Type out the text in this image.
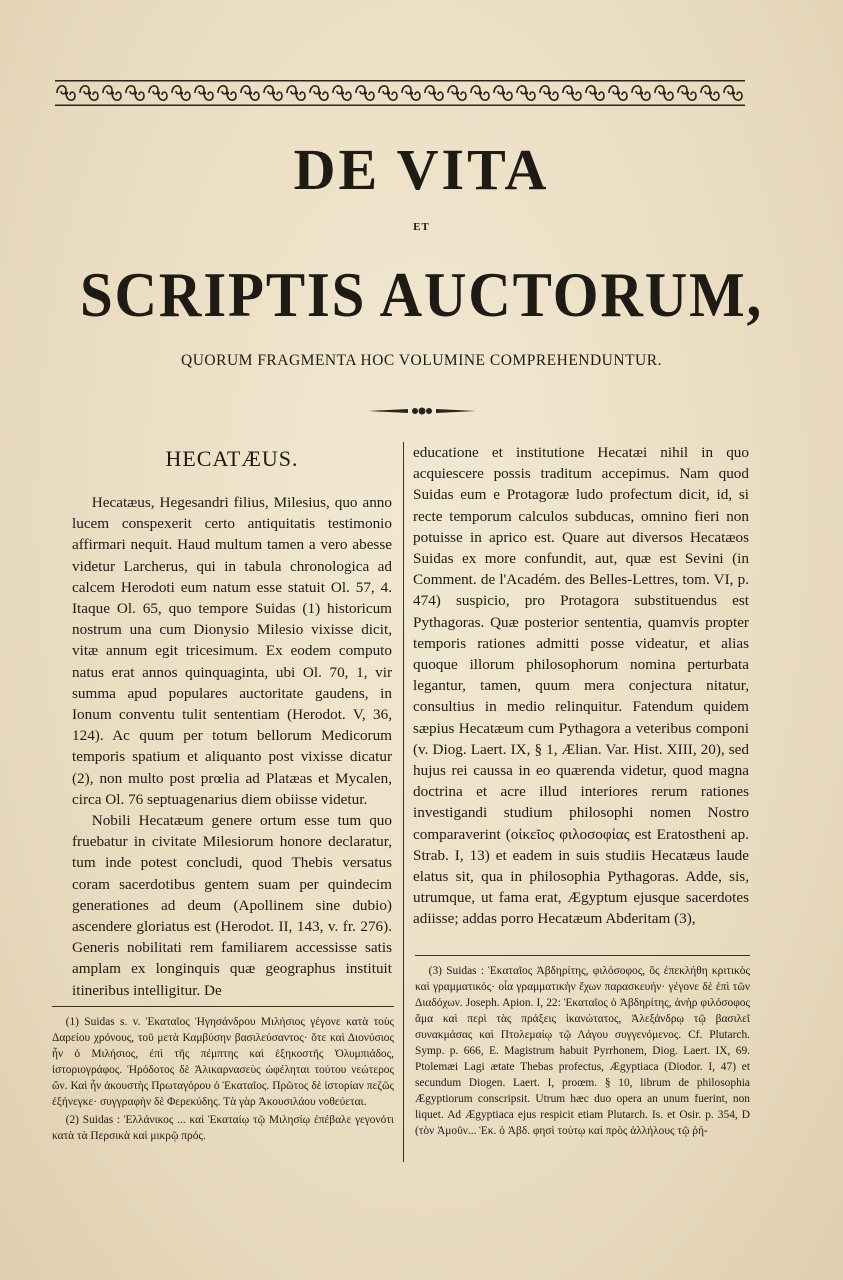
DE VITA
ET
SCRIPTIS AUCTORUM,
QUORUM FRAGMENTA HOC VOLUMINE COMPREHENDUNTUR.
HECATÆUS.

Hecatæus, Hegesandri filius, Milesius, quo anno lucem conspexerit certo antiquitatis testimonio affirmari nequit. Haud multum tamen a vero abesse videtur Larcherus, qui in tabula chronologica ad calcem Herodoti eum natum esse statuit Ol. 57, 4. Itaque Ol. 65, quo tempore Suidas (1) historicum nostrum una cum Dionysio Milesio vixisse dicit, vitæ annum egit tricesimum. Ex eodem computo natus erat annos quinquaginta, ubi Ol. 70, 1, vir summa apud populares auctoritate gaudens, in Ionum conventu tulit sententiam (Herodot. V, 36, 124). Ac quum per totum bellorum Medicorum temporis spatium et aliquanto post vixisse dicatur (2), non multo post prœlia ad Platæas et Mycalen, circa Ol. 76 septuagenarius diem obiisse videtur.

Nobili Hecatæum genere ortum esse tum quo fruebatur in civitate Milesiorum honore declaratur, tum inde potest concludi, quod Thebis versatus coram sacerdotibus gentem suam per quindecim generationes ad deum (Apollinem sine dubio) ascendere gloriatus est (Herodot. II, 143, v. fr. 276). Generis nobilitati rem familiarem accessisse satis amplam ex longinquis quæ geographus instituit itineribus intelligitur. De

educatione et institutione Hecatæi nihil in quo acquiescere possis traditum accepimus. Nam quod Suidas eum e Protagoræ ludo profectum dicit, id, si recte temporum calculos subducas, omnino fieri non potuisse in aprico est. Quare aut diversos Hecatæos Suidas ex more confundit, aut, quæ est Sevini (in Comment. de l'Académ. des Belles-Lettres, tom. VI, p. 474) suspicio, pro Protagora substituendus est Pythagoras. Quæ posterior sententia, quamvis propter temporis rationes admitti posse videatur, et alias quoque illorum philosophorum nomina perturbata legantur, tamen, quum mera conjectura nitatur, consultius in medio relinquitur. Fatendum quidem sæpius Hecatæum cum Pythagora a veteribus componi (v. Diog. Laert. IX, § 1, Ælian. Var. Hist. XIII, 20), sed hujus rei caussa in eo quærenda videtur, quod magna doctrina et acre illud interiores rerum rationes investigandi studium philosophi nomen Nostro comparaverint (οἰκεῖος φιλοσοφίας est Eratostheni ap. Strab. I, 13) et eadem in suis studiis Hecatæus laude elatus sit, qua in philosophia Pythagoras. Adde, sis, utrumque, ut fama erat, Ægyptum ejusque sacerdotes adiisse; addas porro Hecatæum Abderitam (3),

(1) Suidas s. v. Ἑκαταῖος Ἡγησάνδρου Μιλήσιος γέγονε κατὰ τοὺς Δαρείου χρόνους, τοῦ μετὰ Καμβύσην βασιλεύσαντος· ὅτε καὶ Διονύσιος ἦν ὁ Μιλήσιος, ἐπὶ τῆς πέμπτης καὶ ἑξηκοστῆς Ὀλυμπιάδος, ἱστοριογράφος. Ἡρόδοτος δὲ Ἁλικαρνασεὺς ὠφέληται τούτου νεώτερος ὤν. Καὶ ἦν ἀκουστὴς Πρωταγόρου ὁ Ἑκαταῖος. Πρῶτος δὲ ἱστορίαν πεζῶς ἐξήνεγκε· συγγραφὴν δὲ Φερεκύδης. Τὰ γὰρ Ἀκουσιλάου νοθεύεται.

(2) Suidas : Ἑλλάνικος ... καὶ Ἑκαταίῳ τῷ Μιλησίῳ ἐπέβαλε γεγονότι κατὰ τὰ Περσικὰ καὶ μικρῷ πρός.

(3) Suidas : Ἑκαταῖος Ἀβδηρίτης, φιλόσοφος, ὃς ἐπεκλήθη κριτικὸς καὶ γραμματικός· οἷα γραμματικὴν ἔχων παρασκευήν· γέγονε δὲ ἐπὶ τῶν Διαδόχων. Joseph. Apion. I, 22: Ἑκαταῖος ὁ Ἀβδηρίτης, ἀνὴρ φιλόσοφος ἅμα καὶ περὶ τὰς πράξεις ἱκανώτατος, Ἀλεξάνδρῳ τῷ βασιλεῖ συνακμάσας καὶ Πτολεμαίῳ τῷ Λάγου συγγενόμενος. Cf. Plutarch. Symp. p. 666, E. Magistrum habuit Pyrrhonem, Diog. Laert. IX, 69. Ptolemæi Lagi ætate Thebas profectus, Ægyptiaca (Diodor. I, 47) et secundum Diogen. Laert. I, proœm. § 10, librum de philosophia Ægyptiorum conscripsit. Utrum hæc duo opera an unum fuerint, non liquet. Ad Ægyptiaca ejus respicit etiam Plutarch. Is. et Osir. p. 354, D (τὸν Ἀμοῦν... Ἑκ. ὁ Ἀβδ. φησὶ τούτῳ καὶ πρὸς ἀλλήλους τῷ ῥή-
